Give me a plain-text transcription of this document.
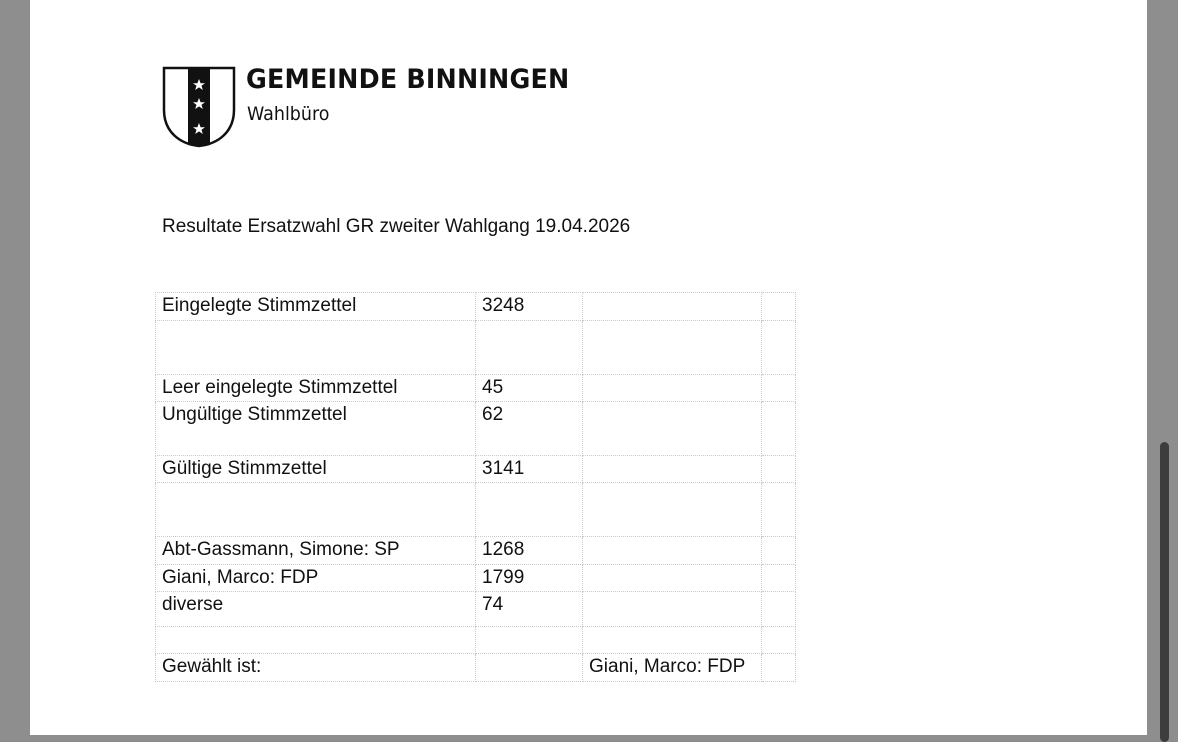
GEMEINDE BINNINGEN
Wahlbüro
Resultate Ersatzwahl GR zweiter Wahlgang 19.04.2026
Eingelegte Stimmzettel	3248		

Leer eingelegte Stimmzettel	45		
Ungültige Stimmzettel	62		
Gültige Stimmzettel	3141		

Abt-Gassmann, Simone: SP	1268		
Giani, Marco: FDP	1799		
diverse	74		

Gewählt ist:		Giani, Marco: FDP	
